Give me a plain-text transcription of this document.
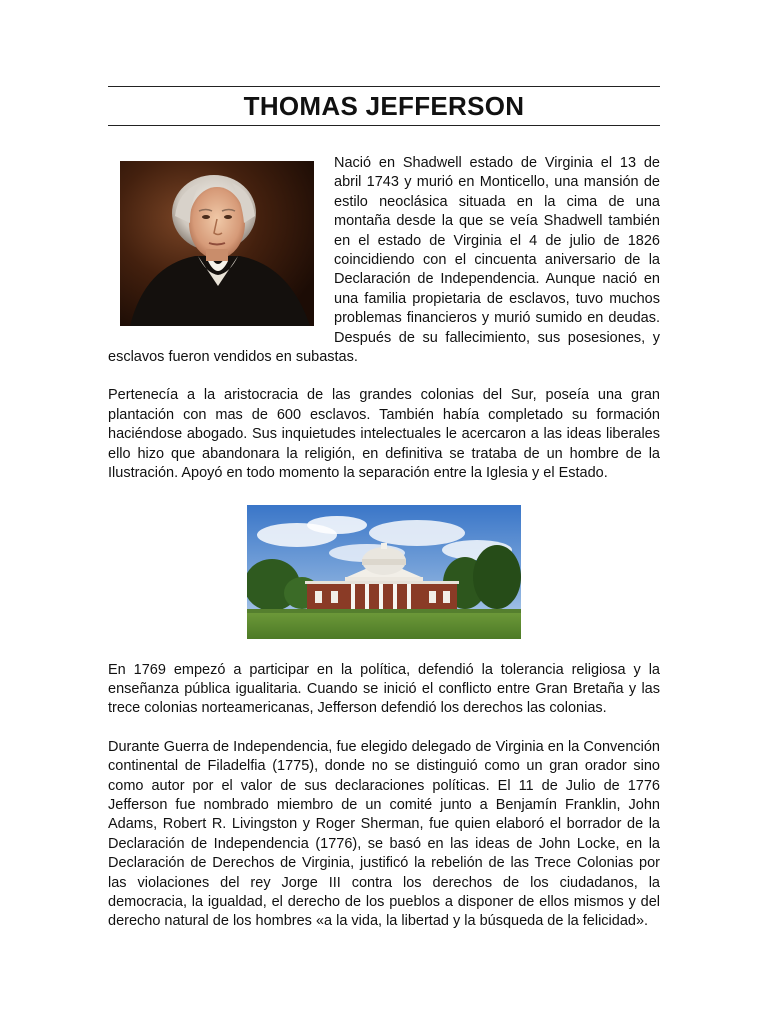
THOMAS JEFFERSON

Nació en Shadwell estado de Virginia el 13 de abril 1743 y murió en Monticello, una mansión de estilo neoclásica situada en la cima de una montaña desde la que se veía Shadwell también en el estado de Virginia el 4 de julio de 1826 coincidiendo con el cincuenta aniversario de la Declaración de Independencia. Aunque nació en una familia propietaria de esclavos, tuvo muchos problemas financieros y murió sumido en deudas. Después de su fallecimiento, sus posesiones, y esclavos fueron vendidos en subastas.

Pertenecía a la aristocracia de las grandes colonias del Sur, poseía una gran plantación con mas de 600 esclavos. También había completado su formación haciéndose abogado. Sus inquietudes intelectuales le acercaron a las ideas liberales ello hizo que abandonara la religión, en definitiva se trataba de un hombre de la Ilustración. Apoyó en todo momento la separación entre la Iglesia y el Estado.

En 1769 empezó a participar en la política, defendió la tolerancia religiosa y la enseñanza pública igualitaria. Cuando se inició el conflicto entre Gran Bretaña y las trece colonias norteamericanas, Jefferson defendió los derechos las colonias.

Durante Guerra de Independencia, fue elegido delegado de Virginia en la Convención continental de Filadelfia (1775), donde no se distinguió como un gran orador sino como autor por el valor de sus declaraciones políticas. El 11 de Julio de 1776 Jefferson fue nombrado miembro de un comité junto a Benjamín Franklin, John Adams, Robert R. Livingston y Roger Sherman, fue quien elaboró el borrador de la Declaración de Independencia (1776), se basó en las ideas de John Locke, en la Declaración de Derechos de Virginia, justificó la rebelión de las Trece Colonias por las violaciones del rey Jorge III contra los derechos de los ciudadanos, la democracia, la igualdad, el derecho de los pueblos a disponer de ellos mismos y del derecho natural de los hombres «a la vida, la libertad y la búsqueda de la felicidad».
